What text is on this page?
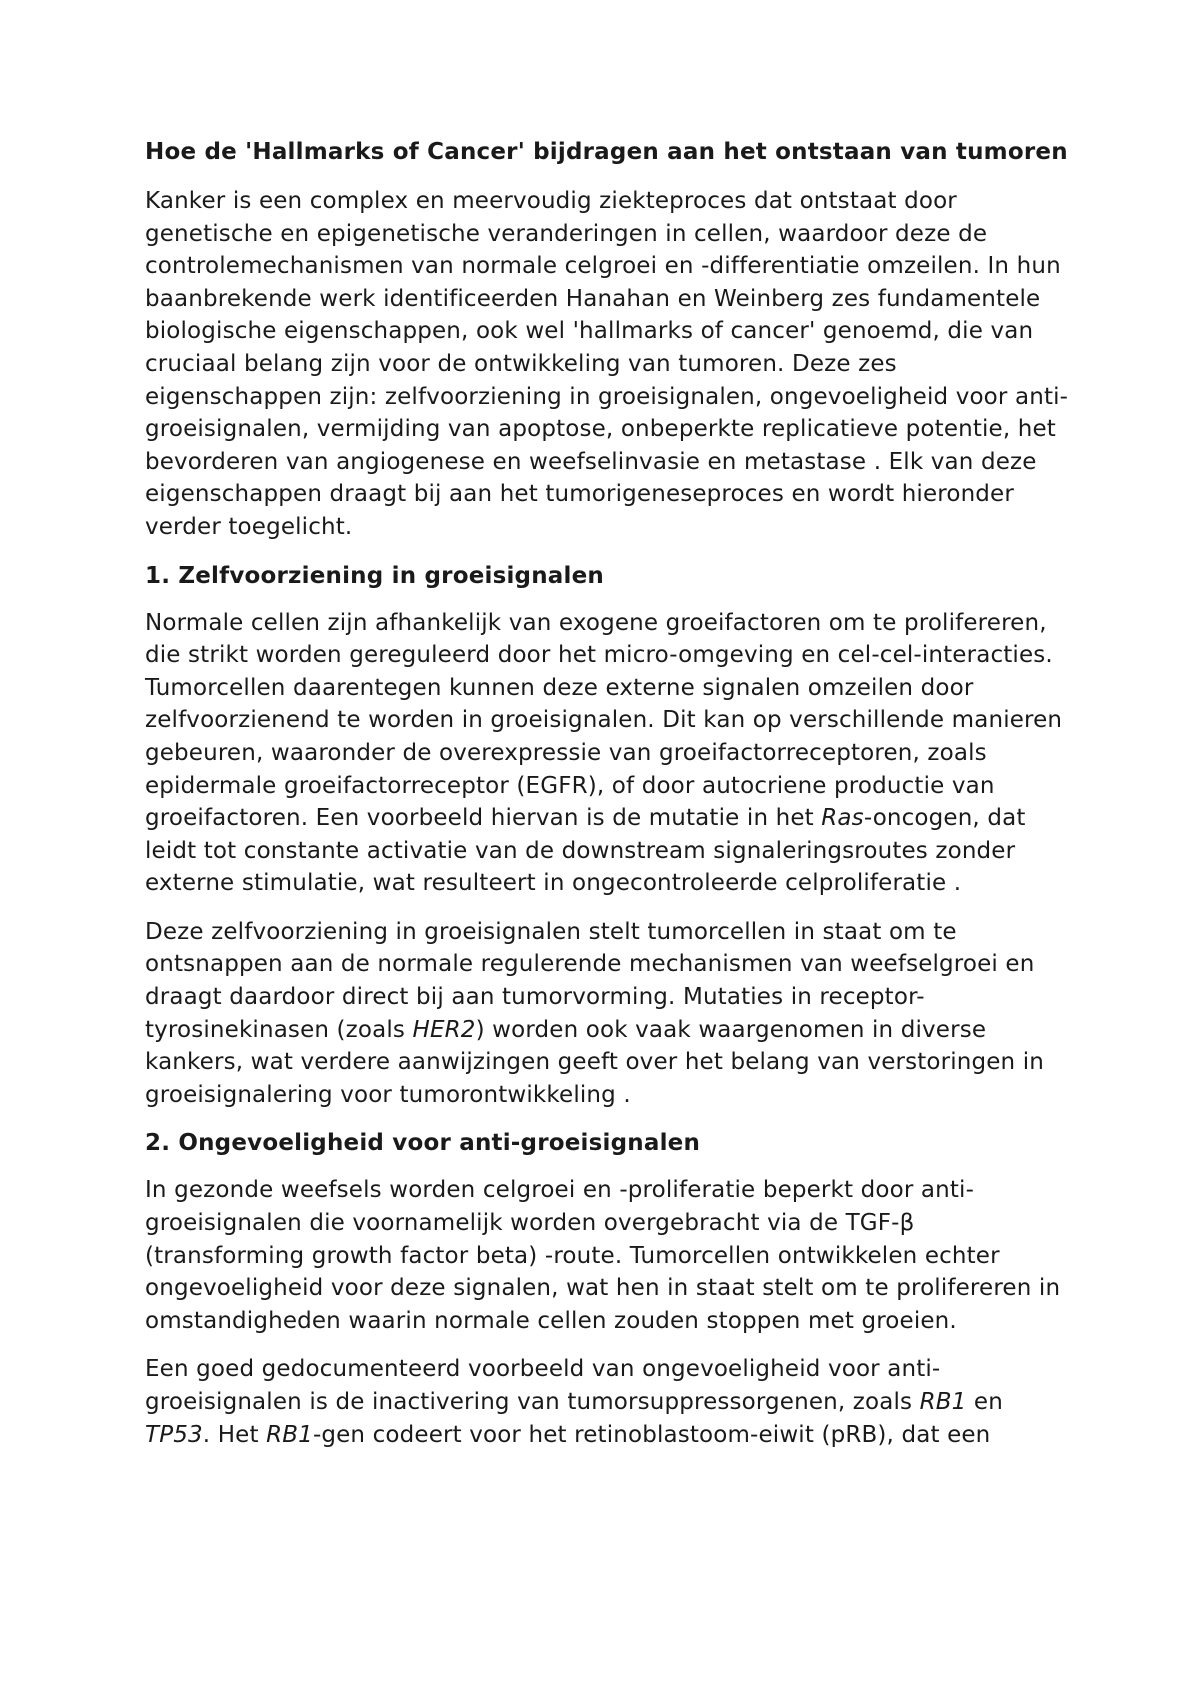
Hoe de 'Hallmarks of Cancer' bijdragen aan het ontstaan van tumoren

Kanker is een complex en meervoudig ziekteproces dat ontstaat door genetische en epigenetische veranderingen in cellen, waardoor deze de controlemechanismen van normale celgroei en -differentiatie omzeilen. In hun baanbrekende werk identificeerden Hanahan en Weinberg zes fundamentele biologische eigenschappen, ook wel 'hallmarks of cancer' genoemd, die van cruciaal belang zijn voor de ontwikkeling van tumoren. Deze zes eigenschappen zijn: zelfvoorziening in groeisignalen, ongevoeligheid voor anti-groeisignalen, vermijding van apoptose, onbeperkte replicatieve potentie, het bevorderen van angiogenese en weefselinvasie en metastase . Elk van deze eigenschappen draagt bij aan het tumorigeneseproces en wordt hieronder verder toegelicht.

1. Zelfvoorziening in groeisignalen

Normale cellen zijn afhankelijk van exogene groeifactoren om te prolifereren, die strikt worden gereguleerd door het micro-omgeving en cel-cel-interacties. Tumorcellen daarentegen kunnen deze externe signalen omzeilen door zelfvoorzienend te worden in groeisignalen. Dit kan op verschillende manieren gebeuren, waaronder de overexpressie van groeifactorreceptoren, zoals epidermale groeifactorreceptor (EGFR), of door autocriene productie van groeifactoren. Een voorbeeld hiervan is de mutatie in het Ras-oncogen, dat leidt tot constante activatie van de downstream signaleringsroutes zonder externe stimulatie, wat resulteert in ongecontroleerde celproliferatie .

Deze zelfvoorziening in groeisignalen stelt tumorcellen in staat om te ontsnappen aan de normale regulerende mechanismen van weefselgroei en draagt daardoor direct bij aan tumorvorming. Mutaties in receptor-tyrosinekinasen (zoals HER2) worden ook vaak waargenomen in diverse kankers, wat verdere aanwijzingen geeft over het belang van verstoringen in groeisignalering voor tumorontwikkeling .

2. Ongevoeligheid voor anti-groeisignalen

In gezonde weefsels worden celgroei en -proliferatie beperkt door anti-groeisignalen die voornamelijk worden overgebracht via de TGF-β (transforming growth factor beta) -route. Tumorcellen ontwikkelen echter ongevoeligheid voor deze signalen, wat hen in staat stelt om te prolifereren in omstandigheden waarin normale cellen zouden stoppen met groeien.

Een goed gedocumenteerd voorbeeld van ongevoeligheid voor anti-groeisignalen is de inactivering van tumorsuppressorgenen, zoals RB1 en TP53. Het RB1-gen codeert voor het retinoblastoom-eiwit (pRB), dat een
